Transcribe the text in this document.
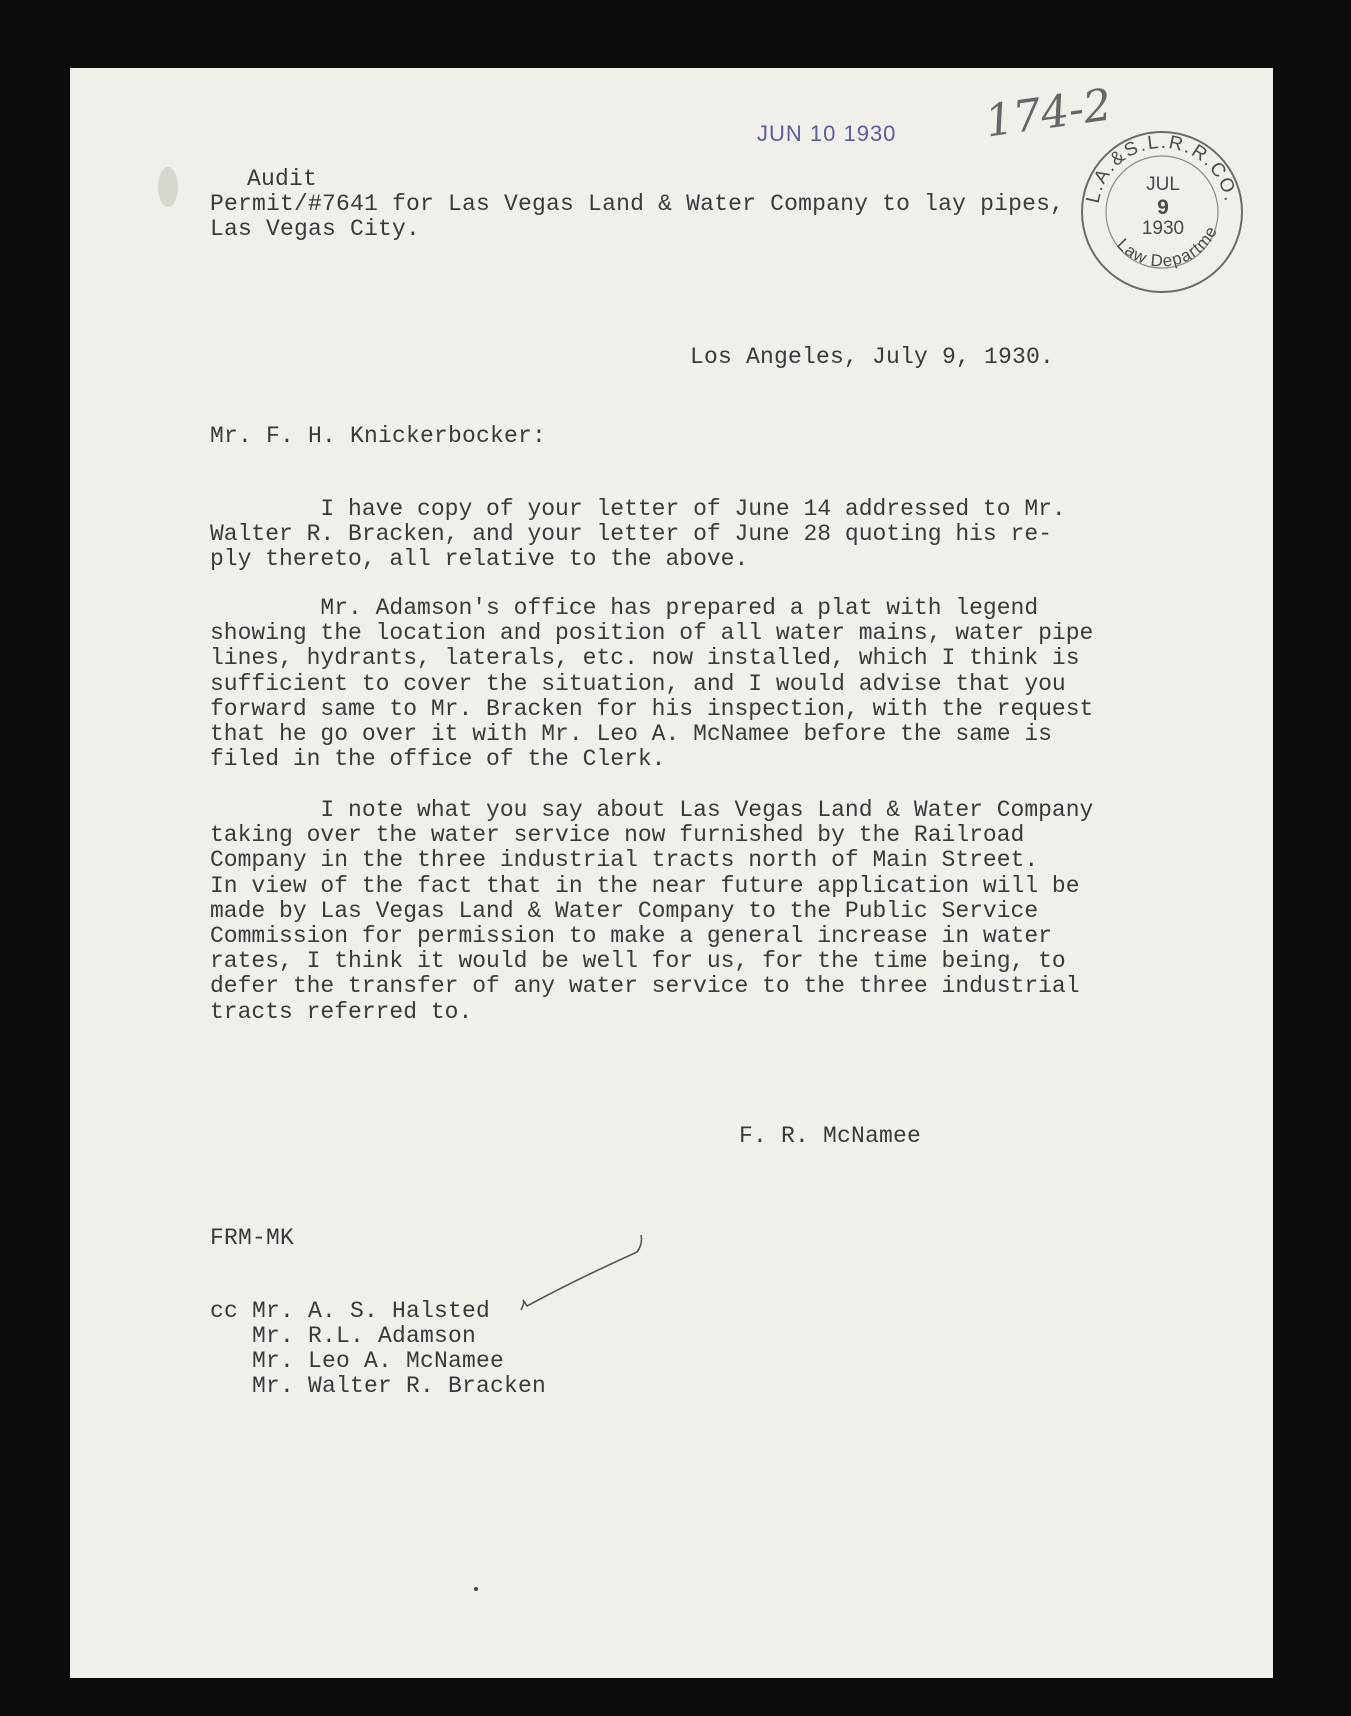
JUN 10 1930 174-2
L.A.&S.L.R.R.CO.
Law Departme
JUL
9
1930
Audit
Permit/#7641 for Las Vegas Land & Water Company to lay pipes,
Las Vegas City.
Los Angeles, July 9, 1930.
Mr. F. H. Knickerbocker:
I have copy of your letter of June 14 addressed to Mr.
Walter R. Bracken, and your letter of June 28 quoting his re-
ply thereto, all relative to the above.
Mr. Adamson's office has prepared a plat with legend
showing the location and position of all water mains, water pipe
lines, hydrants, laterals, etc. now installed, which I think is
sufficient to cover the situation, and I would advise that you
forward same to Mr. Bracken for his inspection, with the request
that he go over it with Mr. Leo A. McNamee before the same is
filed in the office of the Clerk.
I note what you say about Las Vegas Land & Water Company
taking over the water service now furnished by the Railroad
Company in the three industrial tracts north of Main Street.
In view of the fact that in the near future application will be
made by Las Vegas Land & Water Company to the Public Service
Commission for permission to make a general increase in water
rates, I think it would be well for us, for the time being, to
defer the transfer of any water service to the three industrial
tracts referred to.
F. R. McNamee
FRM-MK
cc Mr. A. S. Halsted
Mr. R.L. Adamson
Mr. Leo A. McNamee
Mr. Walter R. Bracken
